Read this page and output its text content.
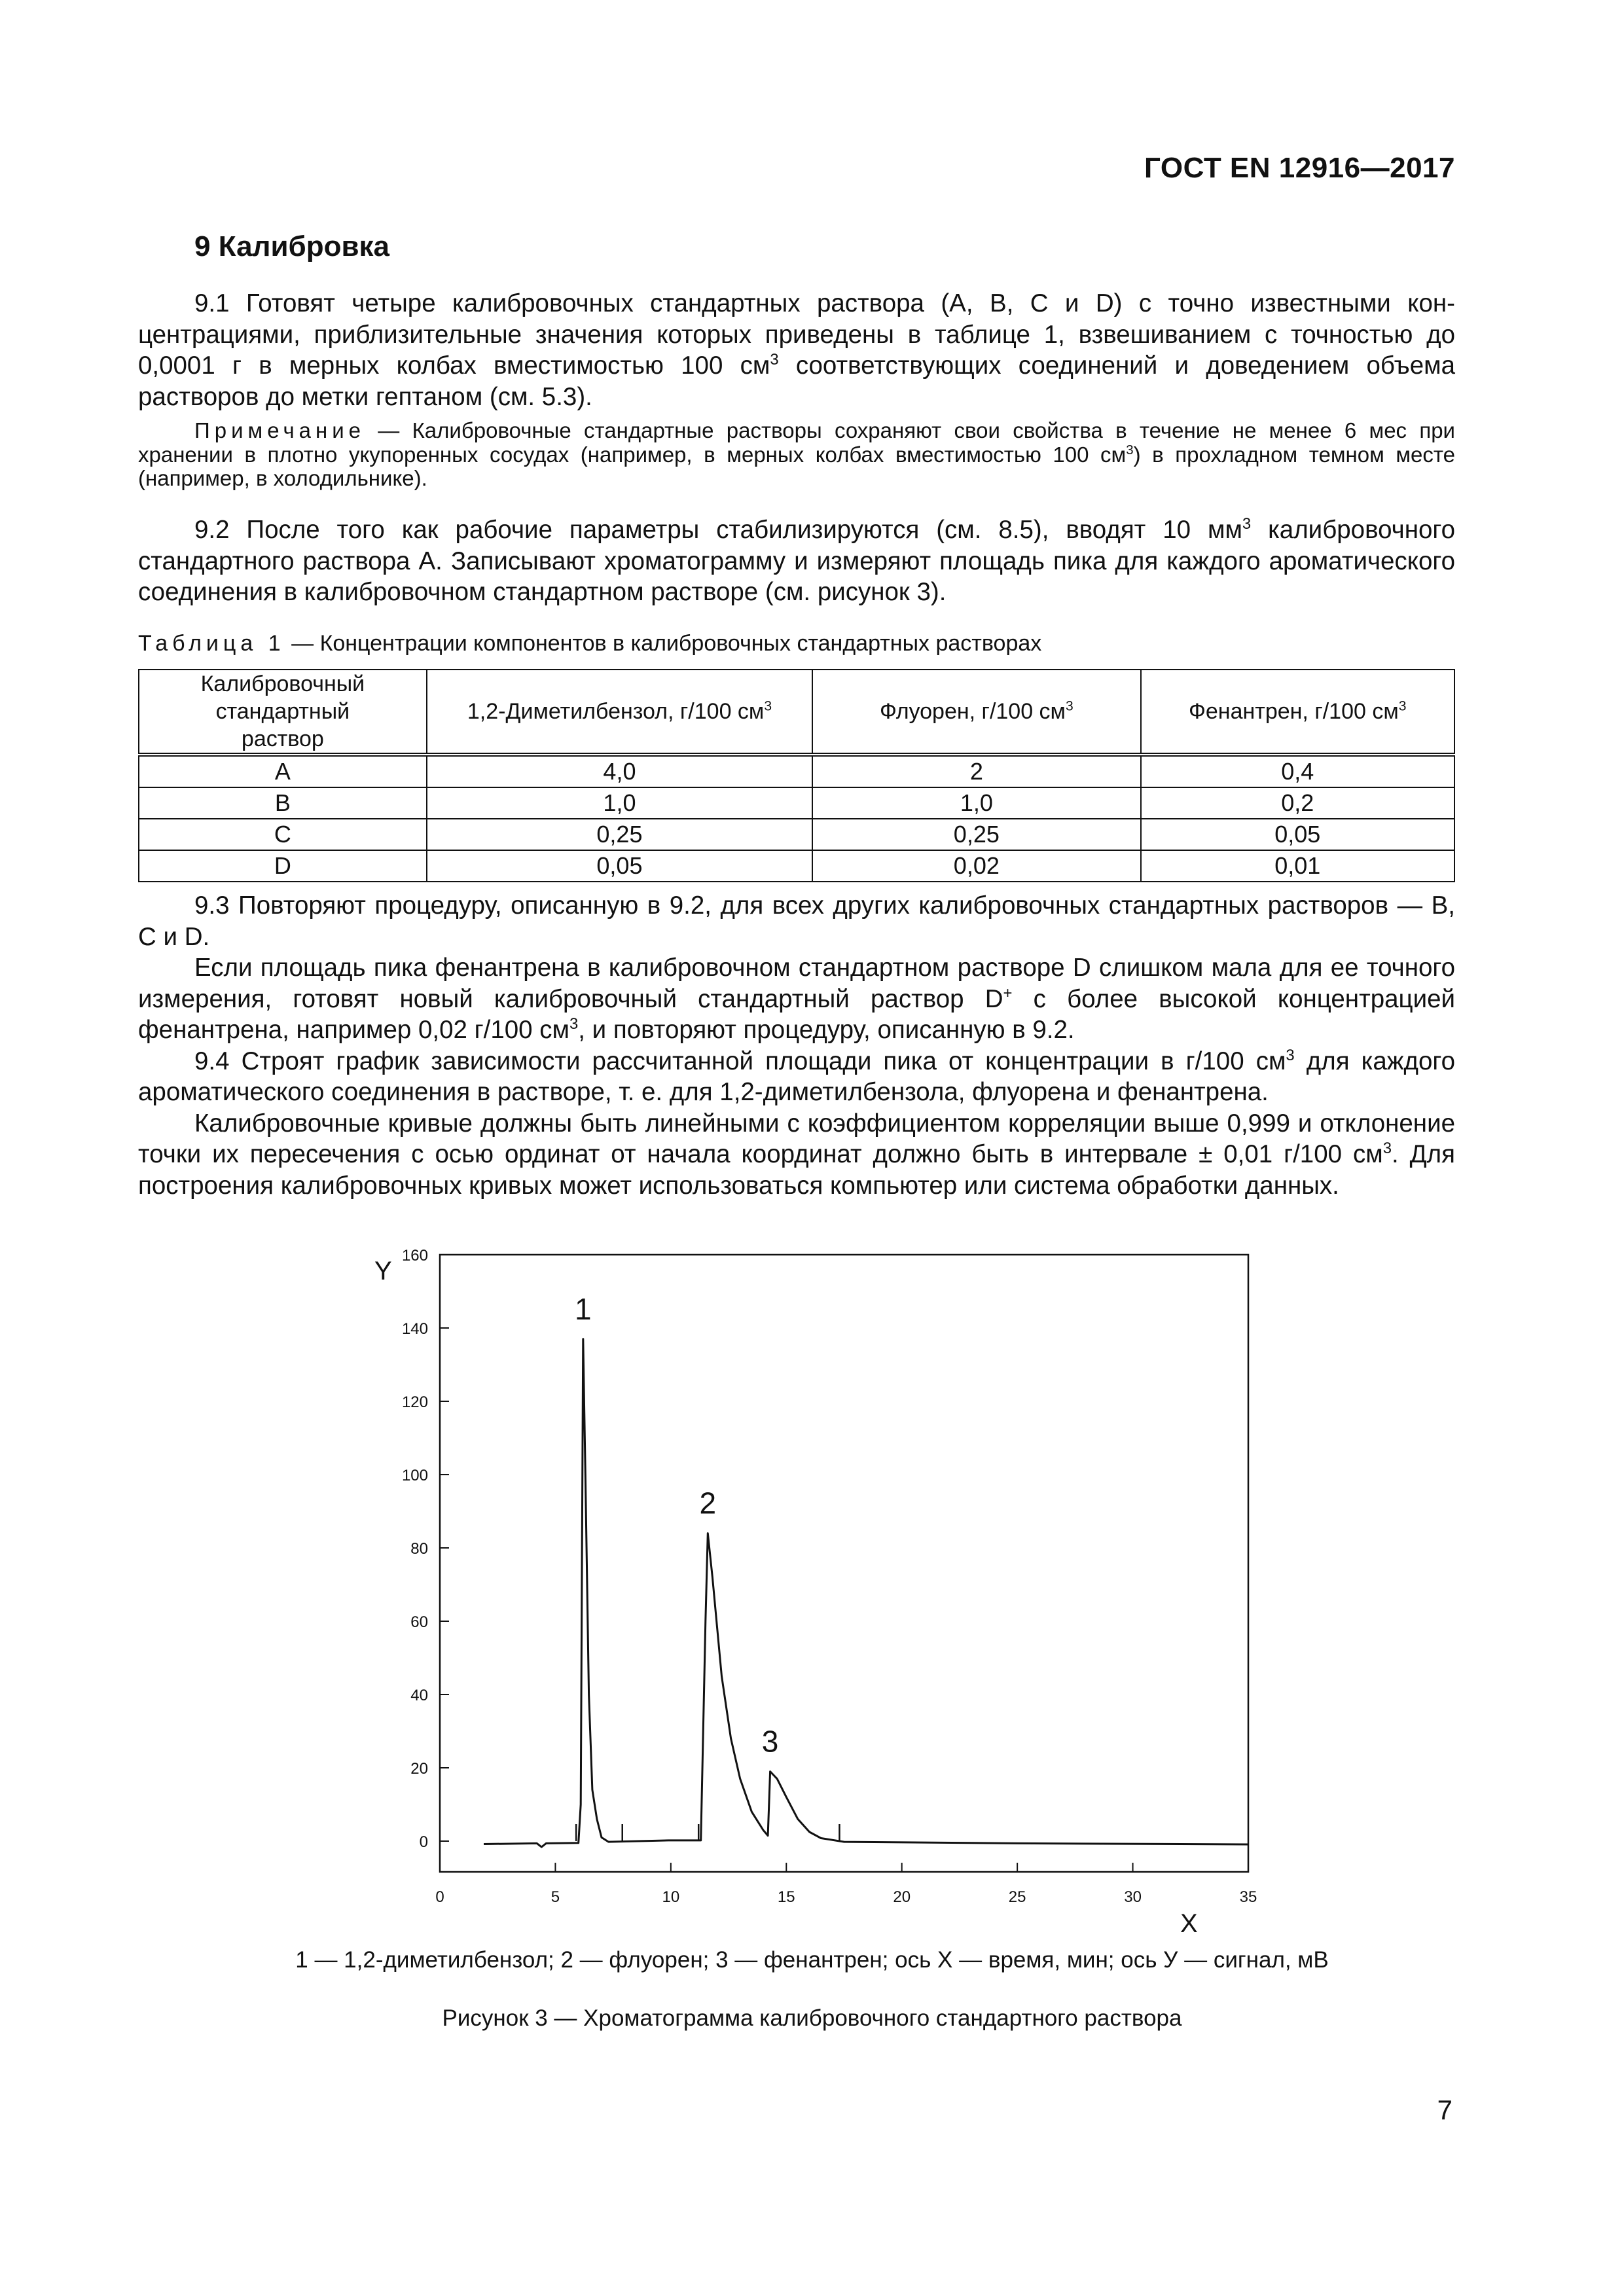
ГОСТ EN 12916—2017
9 Калибровка

9.1 Готовят четыре калибровочных стандартных раствора (A, B, C и D) с точно известными концентрациями, приблизительные значения которых приведены в таблице 1, взвешиванием с точностью до 0,0001 г в мерных колбах вместимостью 100 $см^3$ соответствующих соединений и доведением объема растворов до метки гептаном (см. 5.3).

Примечание — Калибровочные стандартные растворы сохраняют свои свойства в течение не менее 6 мес при хранении в плотно укупоренных сосудах (например, в мерных колбах вместимостью 100 $см^3$) в прохладном темном месте (например, в холодильнике).

9.2 После того как рабочие параметры стабилизируются (см. 8.5), вводят 10 $мм^3$ калибровочного стандартного раствора А. Записывают хроматограмму и измеряют площадь пика для каждого ароматического соединения в калибровочном стандартном растворе (см. рисунок 3).

Таблица 1 — Концентрации компонентов в калибровочных стандартных растворах
Калибровочный стандартный раствор	1,2-Диметилбензол, г/100 $см^3$	Флуорен, г/100 $см^3$	Фенантрен, г/100 $см^3$
A	4,0	2	0,4
B	1,0	1,0	0,2
C	0,25	0,25	0,05
D	0,05	0,02	0,01

9.3 Повторяют процедуру, описанную в 9.2, для всех других калибровочных стандартных растворов — B, C и D.

Если площадь пика фенантрена в калибровочном стандартном растворе D слишком мала для ее точного измерения, готовят новый калибровочный стандартный раствор D+ с более высокой концентрацией фенантрена, например 0,02 г/100 $см^3$, и повторяют процедуру, описанную в 9.2.

9.4 Строят график зависимости рассчитанной площади пика от концентрации в г/100 $см^3$ для каждого ароматического соединения в растворе, т. е. для 1,2-диметилбензола, флуорена и фенантрена.

Калибровочные кривые должны быть линейными с коэффициентом корреляции выше 0,999 и отклонение точки их пересечения с осью ординат от начала координат должно быть в интервале ± 0,01 г/100 $см^3$. Для построения калибровочных кривых может использоваться компьютер или система обработки данных.

0
20
40
60
80
100
120
140
160
0	5	10	15	20	25	30	35
Y
X
1
2
3
1 — 1,2-диметилбензол; 2 — флуорен; 3 — фенантрен; ось X — время, мин; ось У — сигнал, мВ
Рисунок 3 — Хроматограмма калибровочного стандартного раствора
7
